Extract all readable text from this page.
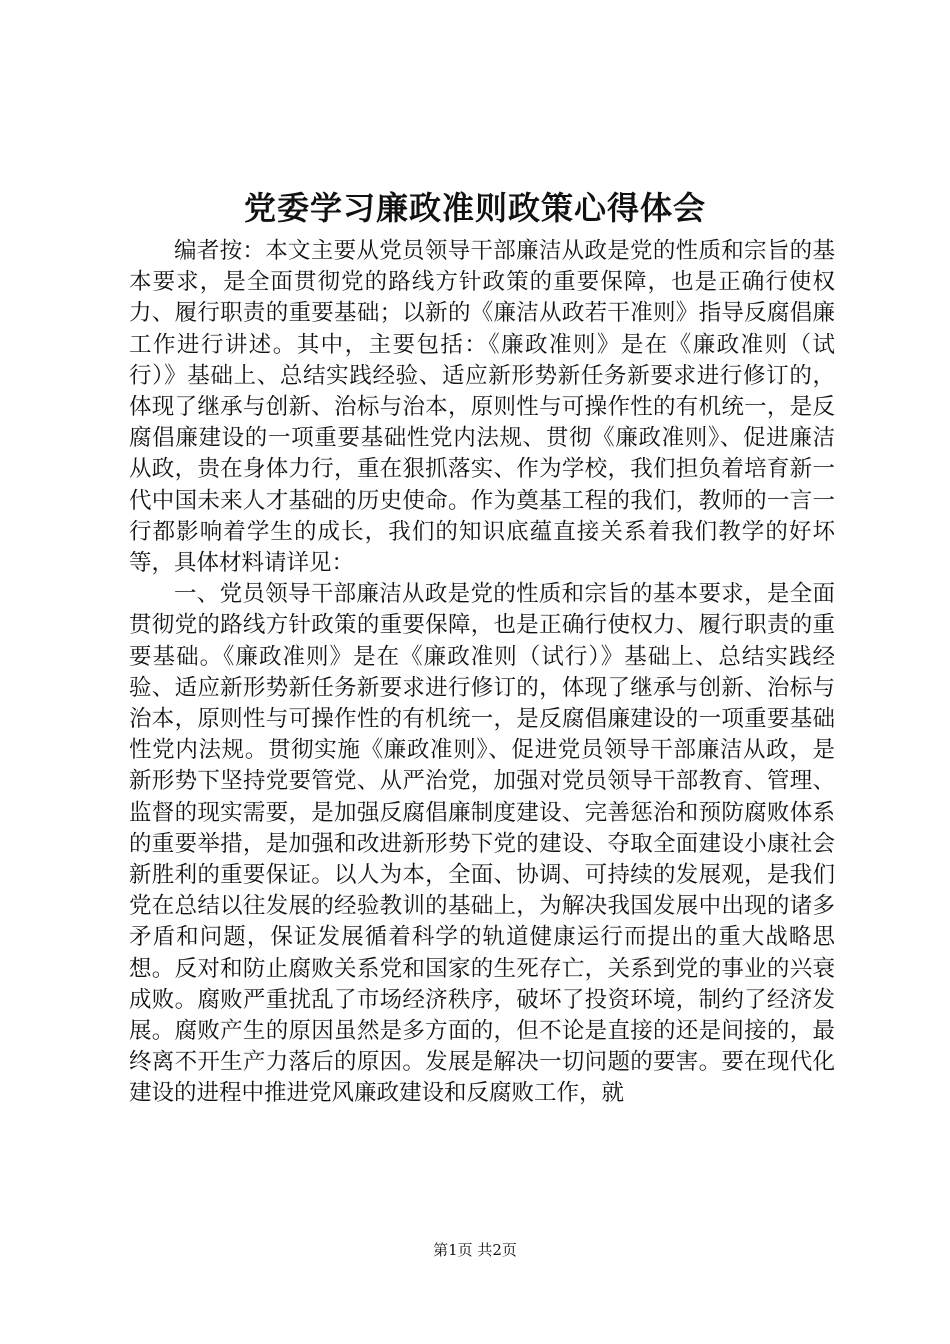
党委学习廉政准则政策心得体会

编者按：本文主要从党员领导干部廉洁从政是党的性质和宗旨的基本要求，是全面贯彻党的路线方针政策的重要保障，也是正确行使权力、履行职责的重要基础；以新的《廉洁从政若干准则》指导反腐倡廉工作进行讲述。其中，主要包括：《廉政准则》是在《廉政准则（试行）》基础上、总结实践经验、适应新形势新任务新要求进行修订的，体现了继承与创新、治标与治本，原则性与可操作性的有机统一，是反腐倡廉建设的一项重要基础性党内法规、贯彻《廉政准则》、促进廉洁从政，贵在身体力行，重在狠抓落实、作为学校，我们担负着培育新一代中国未来人才基础的历史使命。作为奠基工程的我们，教师的一言一行都影响着学生的成长，我们的知识底蕴直接关系着我们教学的好坏等，具体材料请详见：

一、党员领导干部廉洁从政是党的性质和宗旨的基本要求，是全面贯彻党的路线方针政策的重要保障，也是正确行使权力、履行职责的重要基础。《廉政准则》是在《廉政准则（试行）》基础上、总结实践经验、适应新形势新任务新要求进行修订的，体现了继承与创新、治标与治本，原则性与可操作性的有机统一，是反腐倡廉建设的一项重要基础性党内法规。贯彻实施《廉政准则》、促进党员领导干部廉洁从政，是新形势下坚持党要管党、从严治党，加强对党员领导干部教育、管理、监督的现实需要，是加强反腐倡廉制度建设、完善惩治和预防腐败体系的重要举措，是加强和改进新形势下党的建设、夺取全面建设小康社会新胜利的重要保证。以人为本，全面、协调、可持续的发展观，是我们党在总结以往发展的经验教训的基础上，为解决我国发展中出现的诸多矛盾和问题，保证发展循着科学的轨道健康运行而提出的重大战略思想。反对和防止腐败关系党和国家的生死存亡，关系到党的事业的兴衰成败。腐败严重扰乱了市场经济秩序，破坏了投资环境，制约了经济发展。腐败产生的原因虽然是多方面的，但不论是直接的还是间接的，最终离不开生产力落后的原因。发展是解决一切问题的要害。要在现代化建设的进程中推进党风廉政建设和反腐败工作，就

第1页 共2页
